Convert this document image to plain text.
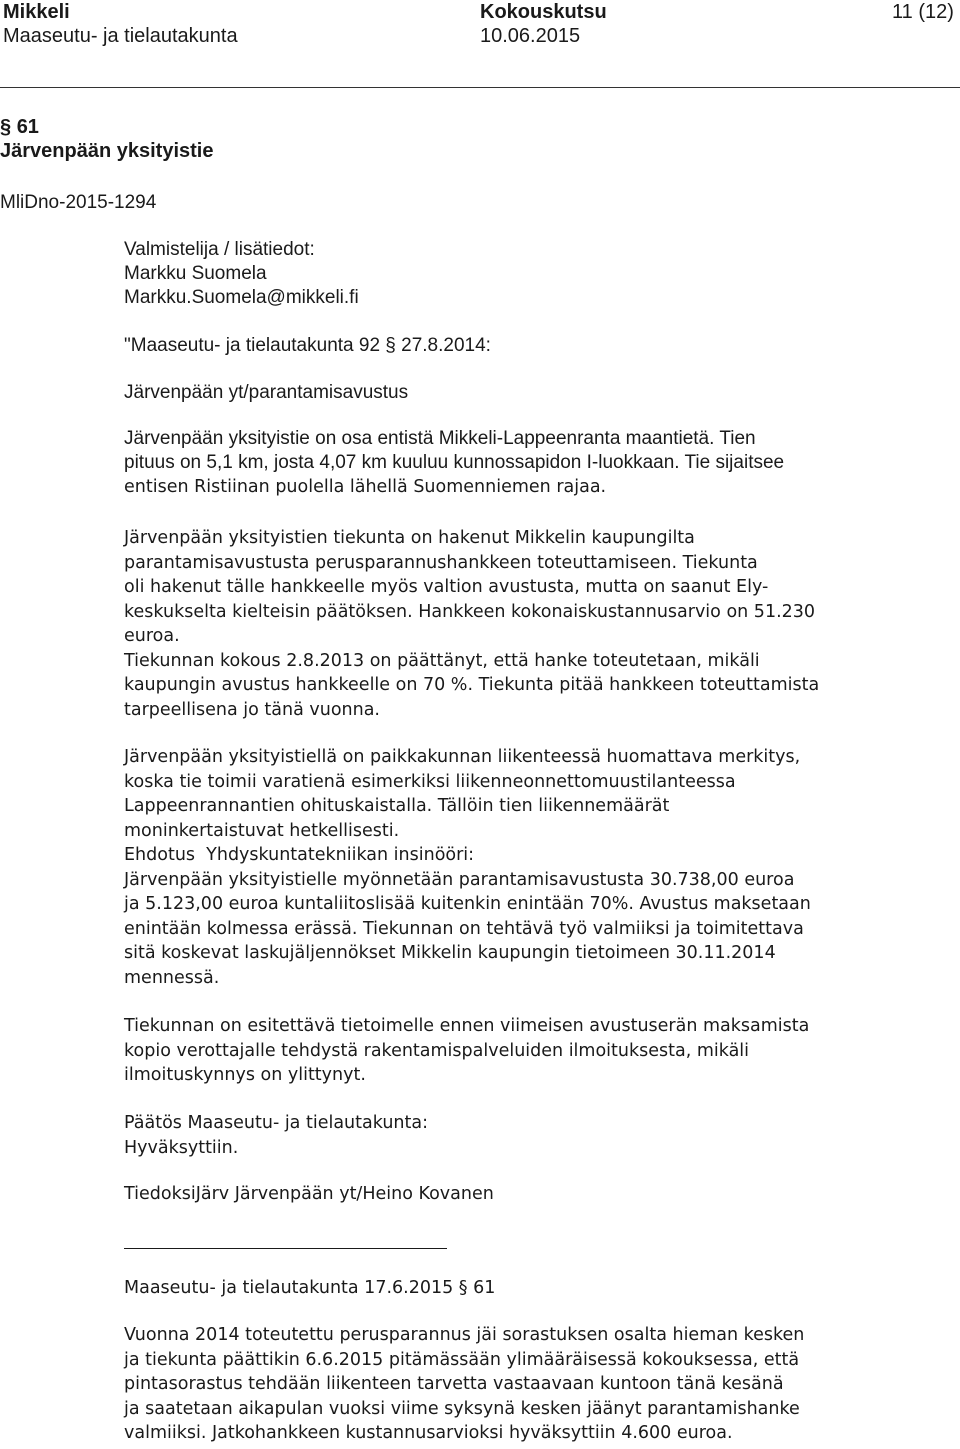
Mikkeli
Maaseutu- ja tielautakunta
Kokouskutsu
10.06.2015
11 (12)
§ 61
Järvenpään yksityistie
MliDno-2015-1294
Valmistelija / lisätiedot:
Markku Suomela
Markku.Suomela@mikkeli.fi
"Maaseutu- ja tielautakunta 92 § 27.8.2014:
Järvenpään yt/parantamisavustus

Järvenpään yksityistie on osa entistä Mikkeli-Lappeenranta maantietä. Tien

pituus on 5,1 km, josta 4,07 km kuuluu kunnossapidon I-luokkaan. Tie sijaitsee

entisen Ristiinan puolella lähellä Suomenniemen rajaa.

Järvenpään yksityistien tiekunta on hakenut Mikkelin kaupungilta

parantamisavustusta perusparannushankkeen toteuttamiseen. Tiekunta

oli hakenut tälle hankkeelle myös valtion avustusta, mutta on saanut Ely-

keskukselta kielteisin päätöksen. Hankkeen kokonaiskustannusarvio on 51.230

euroa.

Tiekunnan kokous 2.8.2013 on päättänyt, että hanke toteutetaan, mikäli

kaupungin avustus hankkeelle on 70 %. Tiekunta pitää hankkeen toteuttamista

tarpeellisena jo tänä vuonna.

Järvenpään yksityistiellä on paikkakunnan liikenteessä huomattava merkitys,

koska tie toimii varatienä esimerkiksi liikenneonnettomuustilanteessa

Lappeenrannantien ohituskaistalla. Tällöin tien liikennemäärät

moninkertaistuvat hetkellisesti.

Ehdotus  Yhdyskuntatekniikan insinööri:

Järvenpään yksityistielle myönnetään parantamisavustusta 30.738,00 euroa

ja 5.123,00 euroa kuntaliitoslisää kuitenkin enintään 70%. Avustus maksetaan

enintään kolmessa erässä. Tiekunnan on tehtävä työ valmiiksi ja toimitettava

sitä koskevat laskujäljennökset Mikkelin kaupungin tietoimeen 30.11.2014

mennessä.

Tiekunnan on esitettävä tietoimelle ennen viimeisen avustuserän maksamista

kopio verottajalle tehdystä rakentamispalveluiden ilmoituksesta, mikäli

ilmoituskynnys on ylittynyt.

Päätös Maaseutu- ja tielautakunta:

Hyväksyttiin.

TiedoksiJärv Järvenpään yt/Heino Kovanen

Maaseutu- ja tielautakunta 17.6.2015 § 61

Vuonna 2014 toteutettu perusparannus jäi sorastuksen osalta hieman kesken

ja tiekunta päättikin 6.6.2015 pitämässään ylimääräisessä kokouksessa, että

pintasorastus tehdään liikenteen tarvetta vastaavaan kuntoon tänä kesänä

ja saatetaan aikapulan vuoksi viime syksynä kesken jäänyt parantamishanke

valmiiksi. Jatkohankkeen kustannusarvioksi hyväksyttiin 4.600 euroa.
